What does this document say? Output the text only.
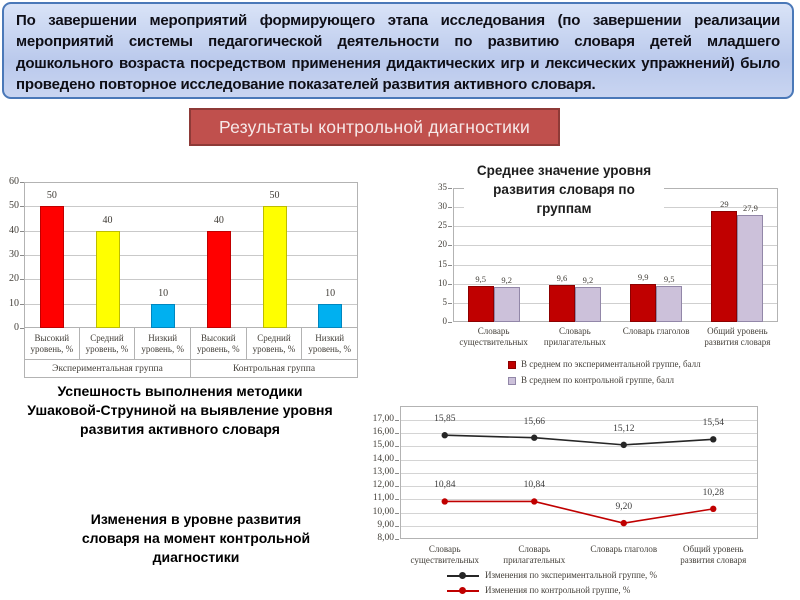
По завершении мероприятий формирующего этапа исследования (по завершении реализации мероприятий системы педагогической деятельности по развитию словаря детей младшего дошкольного возраста посредством применения дидактических игр и лексических упражнений) было проведено повторное исследование показателей развития активного словаря.

Результаты контрольной диагностики
0
10
20
30
40
50
60
50
40
10
40
50
10
Высокий уровень, %
Средний уровень, %
Низкий уровень, %
Высокий уровень, %
Средний уровень, %
Низкий уровень, %
Экспериментальная группа	Контрольная группа
0
5
10
15
20
25
30
35
9,5	9,6	9,9
29
9,2	9,2	9,5
27,9
Словарь существительных
Словарь прилагательных
Словарь глаголов	Общий уровень развития словаря
В среднем по экспериментальной группе, балл
В среднем по контрольной группе, балл
Среднее значение уровня развития словаря по группам
8,00
9,00
10,00
11,00
12,00
13,00
14,00
15,00
16,00
17,00	15,85	15,66
15,12
15,54
10,84	10,84
9,20
10,28
Словарь существительных
Словарь прилагательных
Словарь глаголов	Общий уровень развития словаря
Изменения по экспериментальной группе, %
Изменения по контрольной группе, %
Успешность выполнения методики Ушаковой-Струниной на выявление уровня развития активного словаря
Изменения в уровне развития словаря на момент контрольной диагностики
